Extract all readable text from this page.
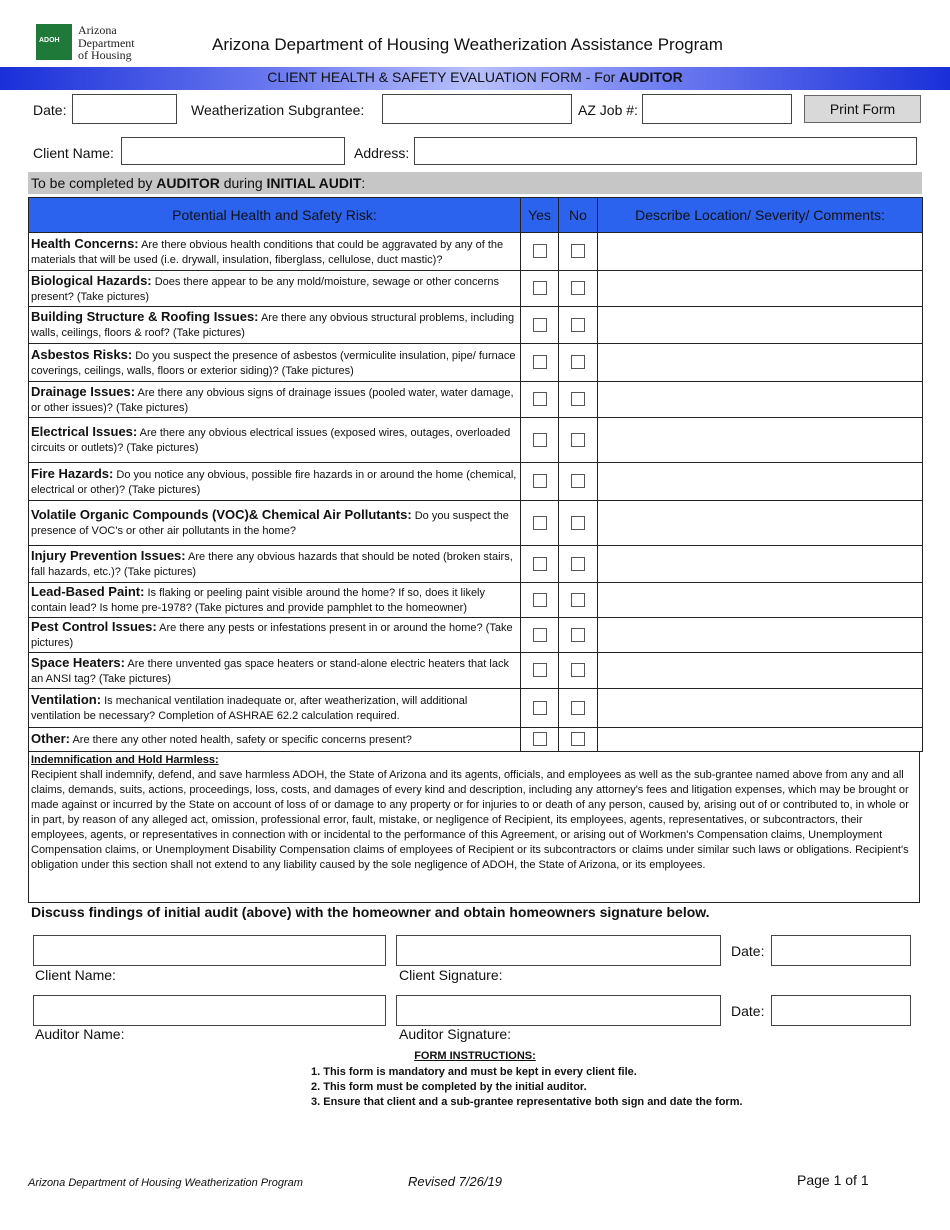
ADOH
Arizona
Department
of Housing
Arizona Department of Housing Weatherization Assistance Program
CLIENT HEALTH & SAFETY EVALUATION FORM - For AUDITOR
Date:	Weatherization Subgrantee:	AZ Job #:	Print Form
Client Name:	Address:
To be completed by AUDITOR during INITIAL AUDIT:
Potential Health and Safety Risk:	Yes	No	Describe Location/ Severity/ Comments:
Health Concerns: Are there obvious health conditions that could be aggravated by any of the materials that will be used (i.e. drywall, insulation, fiberglass, cellulose, duct mastic)?			
Biological Hazards: Does there appear to be any mold/moisture, sewage or other concerns present? (Take pictures)			
Building Structure & Roofing Issues: Are there any obvious structural problems, including walls, ceilings, floors & roof? (Take pictures)			
Asbestos Risks: Do you suspect the presence of asbestos (vermiculite insulation, pipe/ furnace coverings, ceilings, walls, floors or exterior siding)? (Take pictures)			
Drainage Issues: Are there any obvious signs of drainage issues (pooled water, water damage, or other issues)? (Take pictures)			
Electrical Issues: Are there any obvious electrical issues (exposed wires, outages, overloaded circuits or outlets)? (Take pictures)			
Fire Hazards: Do you notice any obvious, possible fire hazards in or around the home (chemical, electrical or other)? (Take pictures)			
Volatile Organic Compounds (VOC)& Chemical Air Pollutants: Do you suspect the presence of VOC's or other air pollutants in the home?			
Injury Prevention Issues: Are there any obvious hazards that should be noted (broken stairs, fall hazards, etc.)? (Take pictures)			
Lead-Based Paint: Is flaking or peeling paint visible around the home? If so, does it likely contain lead? Is home pre-1978? (Take pictures and provide pamphlet to the homeowner)			
Pest Control Issues: Are there any pests or infestations present in or around the home? (Take pictures)			
Space Heaters: Are there unvented gas space heaters or stand-alone electric heaters that lack an ANSI tag? (Take pictures)			
Ventilation: Is mechanical ventilation inadequate or, after weatherization, will additional ventilation be necessary? Completion of ASHRAE 62.2 calculation required.			
Other: Are there any other noted health, safety or specific concerns present?			
Indemnification and Hold Harmless:
Recipient shall indemnify, defend, and save harmless ADOH, the State of Arizona and its agents, officials, and employees as well as the sub-grantee named above from any and all claims, demands, suits, actions, proceedings, loss, costs, and damages of every kind and description, including any attorney's fees and litigation expenses, which may be brought or made against or incurred by the State on account of loss of or damage to any property or for injuries to or death of any person, caused by, arising out of or contributed to, in whole or in part, by reason of any alleged act, omission, professional error, fault, mistake, or negligence of Recipient, its employees, agents, representatives, or subcontractors, their employees, agents, or representatives in connection with or incidental to the performance of this Agreement, or arising out of Workmen's Compensation claims, Unemployment Compensation claims, or Unemployment Disability Compensation claims of employees of Recipient or its subcontractors or claims under similar such laws or obligations. Recipient's obligation under this section shall not extend to any liability caused by the sole negligence of ADOH, the State of Arizona, or its employees.
Discuss findings of initial audit (above) with the homeowner and obtain homeowners signature below.
Date:
Client Name:	Client Signature:
Date:
Auditor Name:	Auditor Signature:
FORM INSTRUCTIONS:
1. This form is mandatory and must be kept in every client file.
2. This form must be completed by the initial auditor.
3. Ensure that client and a sub-grantee representative both sign and date the form.
Arizona Department of Housing Weatherization Program	Revised 7/26/19	Page 1 of 1
